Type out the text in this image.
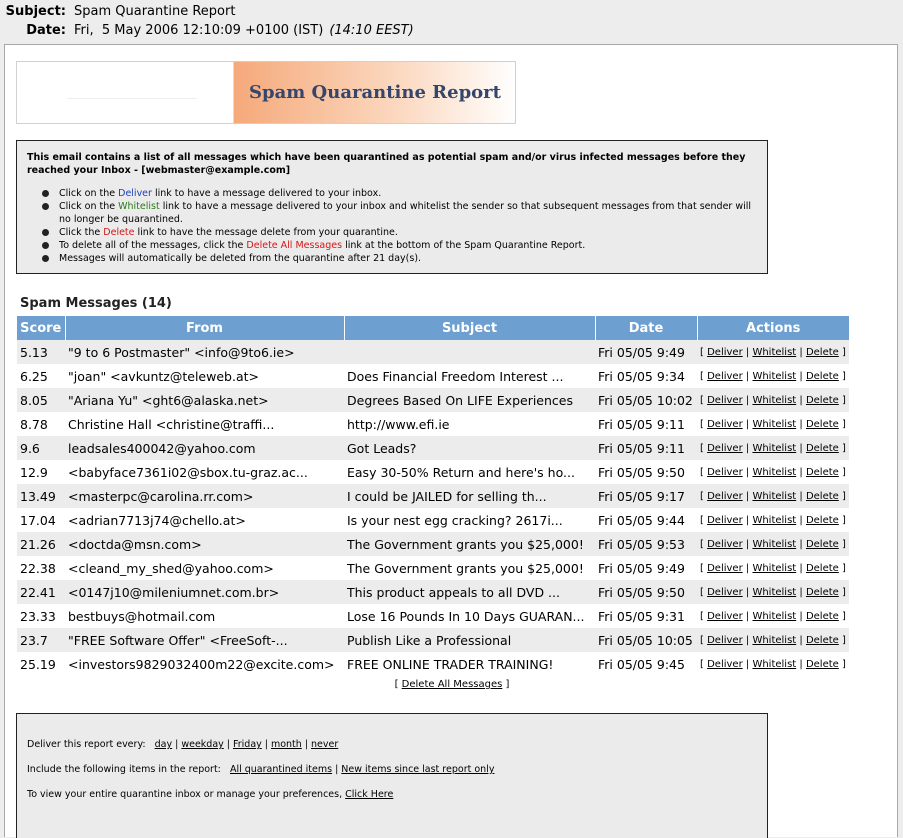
Subject: Spam Quarantine Report
Date: Fri,  5 May 2006 12:10:09 +0100 (IST) (14:10 EEST)
Spam Quarantine Report
This email contains a list of all messages which have been quarantined as potential spam and/or virus infected messages before they reached your Inbox - [webmaster@example.com]
Click on the Deliver link to have a message delivered to your inbox.
Click on the Whitelist link to have a message delivered to your inbox and whitelist the sender so that subsequent messages from that sender will no longer be quarantined.
Click the Delete link to have the message delete from your quarantine.
To delete all of the messages, click the Delete All Messages link at the bottom of the Spam Quarantine Report.
Messages will automatically be deleted from the quarantine after 21 day(s).
Spam Messages (14)
Score	From	Subject	Date	Actions
5.13	"9 to 6 Postmaster" <info@9to6.ie>		Fri 05/05 9:49	[ Deliver | Whitelist | Delete ]
6.25	"joan" <avkuntz@teleweb.at>	Does Financial Freedom Interest ...	Fri 05/05 9:34	[ Deliver | Whitelist | Delete ]
8.05	"Ariana Yu" <ght6@alaska.net>	Degrees Based On LIFE Experiences	Fri 05/05 10:02	[ Deliver | Whitelist | Delete ]
8.78	Christine Hall <christine@traffi...	http://www.efi.ie	Fri 05/05 9:11	[ Deliver | Whitelist | Delete ]
9.6	leadsales400042@yahoo.com	Got Leads?	Fri 05/05 9:11	[ Deliver | Whitelist | Delete ]
12.9	<babyface7361i02@sbox.tu-graz.ac...	Easy 30-50% Return and here's ho...	Fri 05/05 9:50	[ Deliver | Whitelist | Delete ]
13.49	<masterpc@carolina.rr.com>	I could be JAILED for selling th...	Fri 05/05 9:17	[ Deliver | Whitelist | Delete ]
17.04	<adrian7713j74@chello.at>	Is your nest egg cracking? 2617i...	Fri 05/05 9:44	[ Deliver | Whitelist | Delete ]
21.26	<doctda@msn.com>	The Government grants you $25,000!	Fri 05/05 9:53	[ Deliver | Whitelist | Delete ]
22.38	<cleand_my_shed@yahoo.com>	The Government grants you $25,000!	Fri 05/05 9:49	[ Deliver | Whitelist | Delete ]
22.41	<0147j10@mileniumnet.com.br>	This product appeals to all DVD ...	Fri 05/05 9:50	[ Deliver | Whitelist | Delete ]
23.33	bestbuys@hotmail.com	Lose 16 Pounds In 10 Days GUARAN...	Fri 05/05 9:31	[ Deliver | Whitelist | Delete ]
23.7	"FREE Software Offer" <FreeSoft-...	Publish Like a Professional	Fri 05/05 10:05	[ Deliver | Whitelist | Delete ]
25.19	<investors9829032400m22@excite.com>	FREE ONLINE TRADER TRAINING!	Fri 05/05 9:45	[ Deliver | Whitelist | Delete ]
[ Delete All Messages ]
Deliver this report every: day | weekday | Friday | month | never
Include the following items in the report: All quarantined items | New items since last report only
To view your entire quarantine inbox or manage your preferences, Click Here
